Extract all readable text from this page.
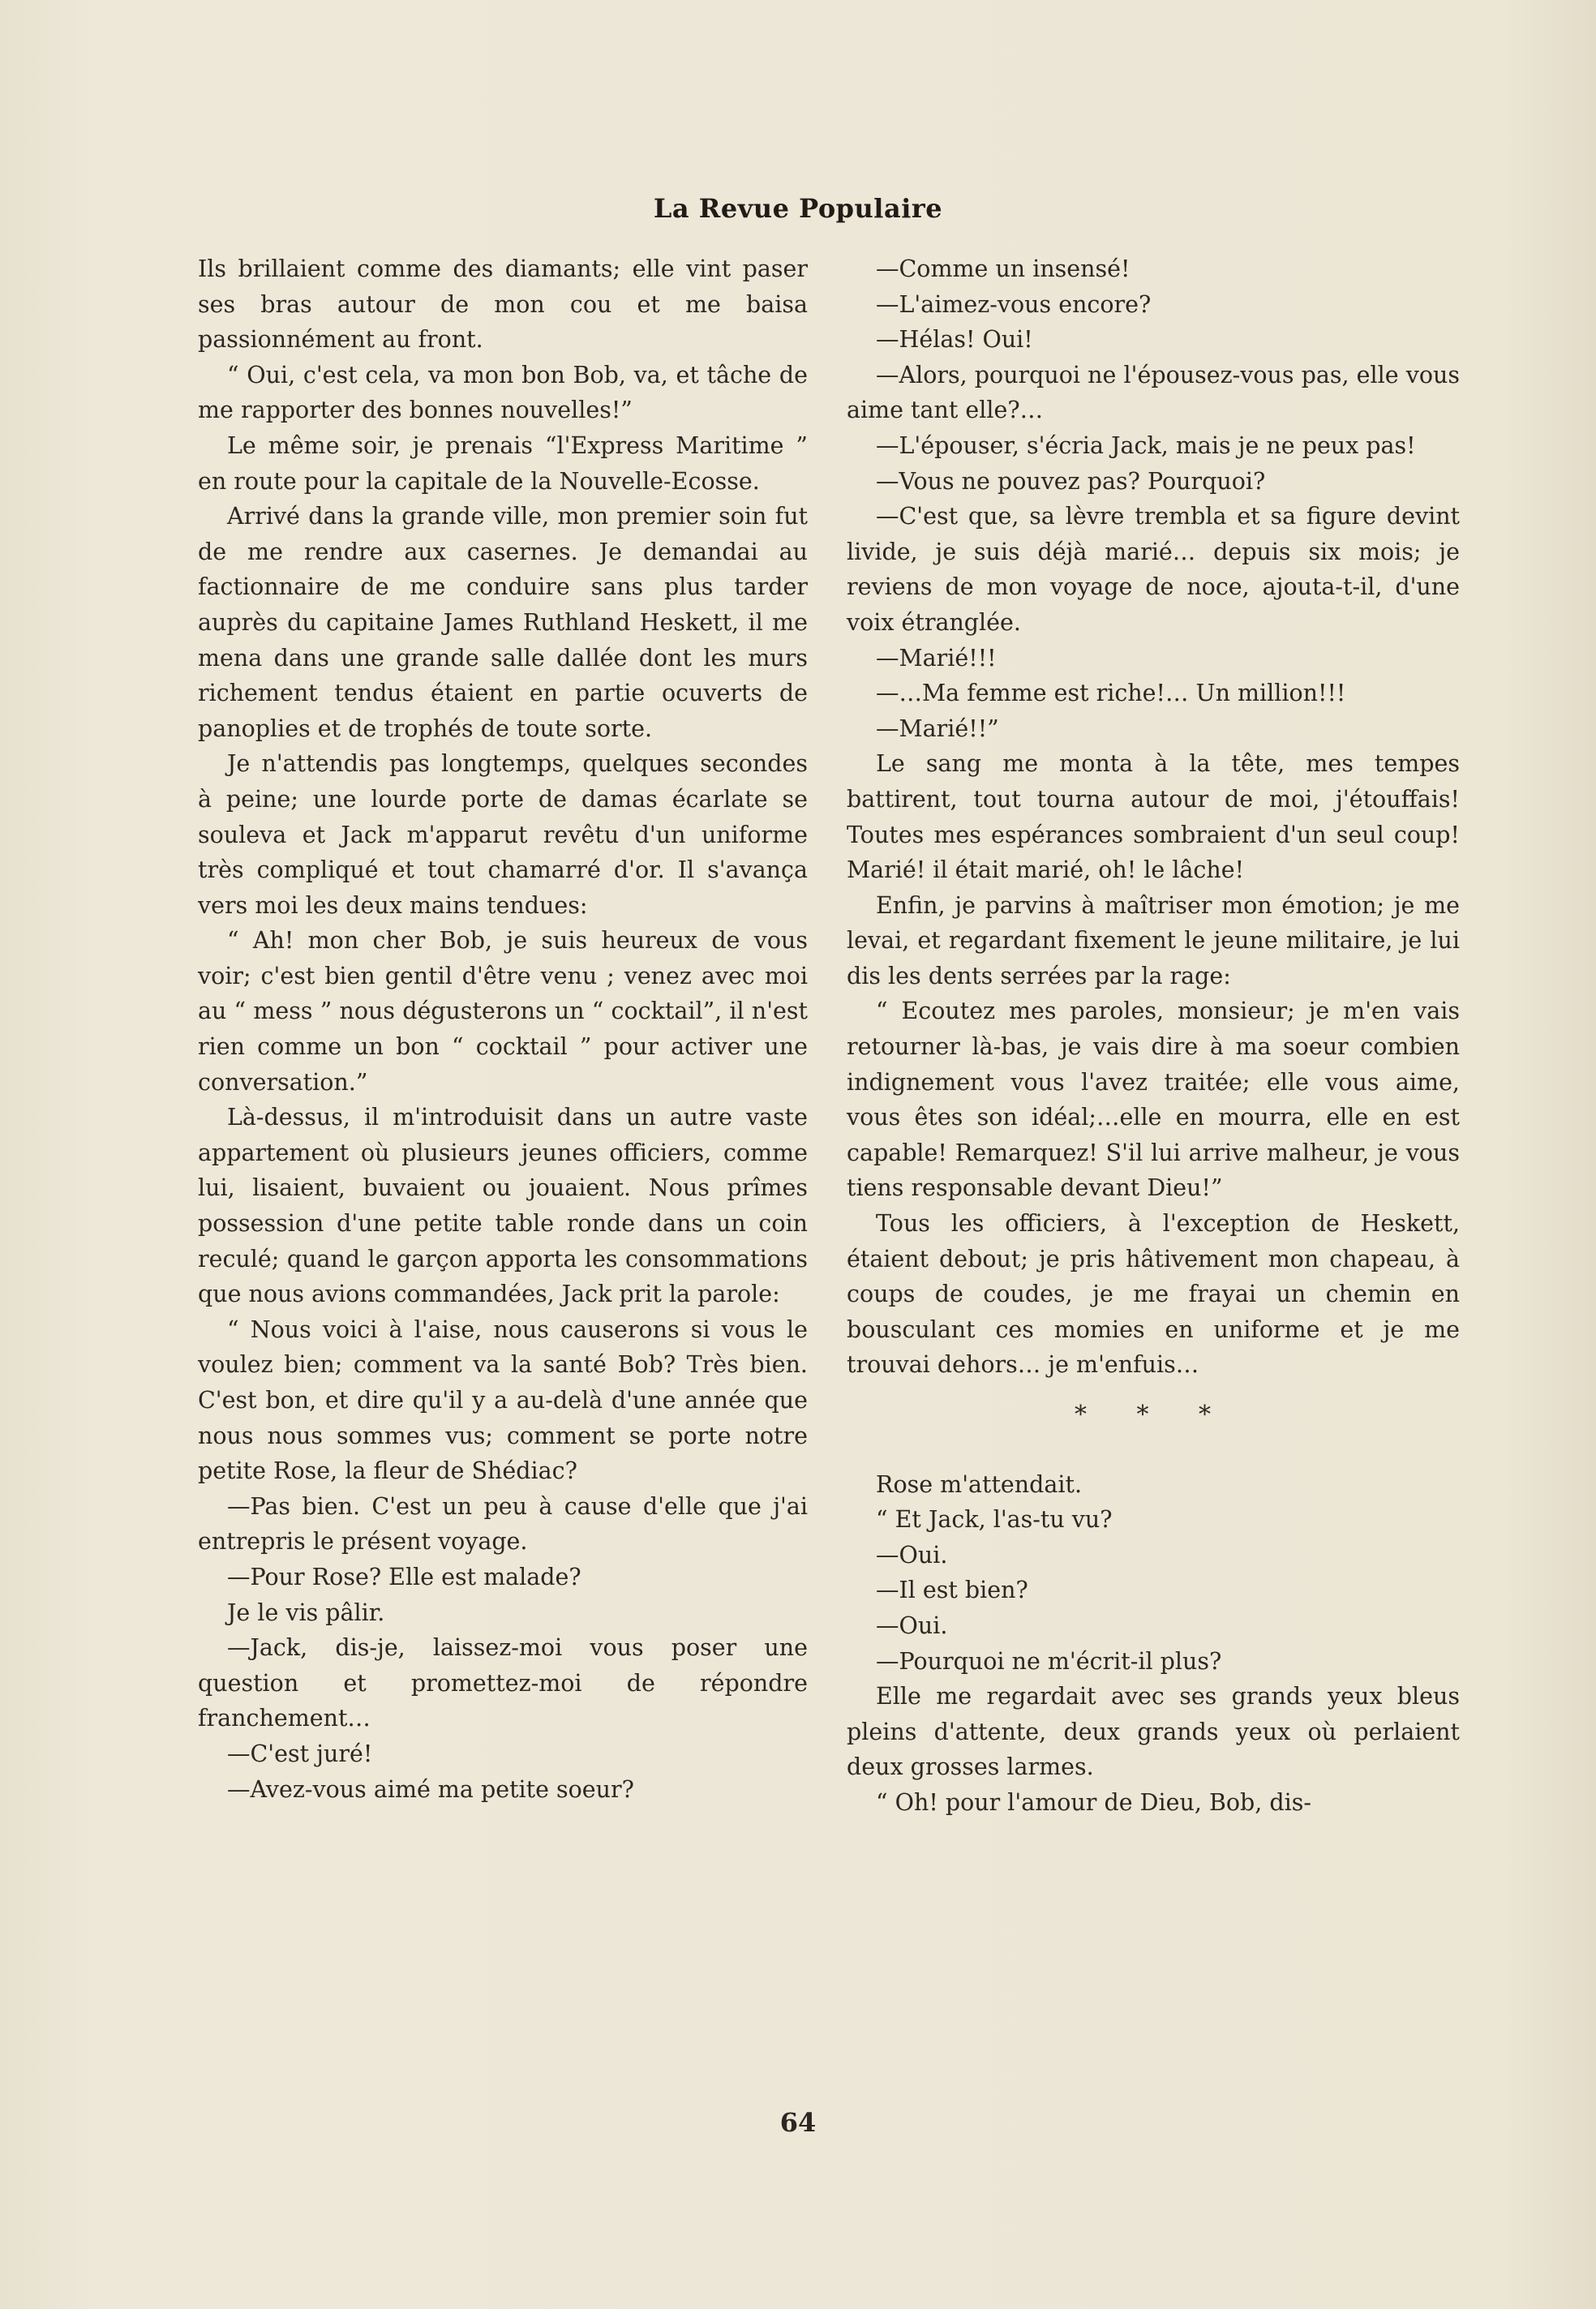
La Revue Populaire

Ils brillaient comme des diamants; elle vint paser ses bras autour de mon cou et me baisa passionnément au front.

“ Oui, c'est cela, va mon bon Bob, va, et tâche de me rapporter des bonnes nouvelles!”

Le même soir, je prenais “l'Express Maritime ” en route pour la capitale de la Nouvelle-Ecosse.

Arrivé dans la grande ville, mon premier soin fut de me rendre aux casernes. Je demandai au factionnaire de me conduire sans plus tarder auprès du capitaine James Ruthland Heskett, il me mena dans une grande salle dallée dont les murs richement tendus étaient en partie ocuverts de panoplies et de trophés de toute sorte.

Je n'attendis pas longtemps, quelques secondes à peine; une lourde porte de damas écarlate se souleva et Jack m'apparut revêtu d'un uniforme très compliqué et tout chamarré d'or. Il s'avança vers moi les deux mains tendues:

“ Ah! mon cher Bob, je suis heureux de vous voir; c'est bien gentil d'être venu ; venez avec moi au “ mess ” nous dégusterons un “ cocktail”, il n'est rien comme un bon “ cocktail ” pour activer une conversation.”

Là-dessus, il m'introduisit dans un autre vaste appartement où plusieurs jeunes officiers, comme lui, lisaient, buvaient ou jouaient. Nous prîmes possession d'une petite table ronde dans un coin reculé; quand le garçon apporta les consommations que nous avions commandées, Jack prit la parole:

“ Nous voici à l'aise, nous causerons si vous le voulez bien; comment va la santé Bob? Très bien. C'est bon, et dire qu'il y a au-delà d'une année que nous nous sommes vus; comment se porte notre petite Rose, la fleur de Shédiac?

—Pas bien. C'est un peu à cause d'elle que j'ai entrepris le présent voyage.

—Pour Rose? Elle est malade?

Je le vis pâlir.

—Jack, dis-je, laissez-moi vous poser une question et promettez-moi de répondre franchement…

—C'est juré!

—Avez-vous aimé ma petite soeur?

—Comme un insensé!

—L'aimez-vous encore?

—Hélas! Oui!

—Alors, pourquoi ne l'épousez-vous pas, elle vous aime tant elle?…

—L'épouser, s'écria Jack, mais je ne peux pas!

—Vous ne pouvez pas? Pourquoi?

—C'est que, sa lèvre trembla et sa figure devint livide, je suis déjà marié… depuis six mois; je reviens de mon voyage de noce, ajouta-t-il, d'une voix étranglée.

—Marié!!!

—…Ma femme est riche!… Un million!!!

—Marié!!”

Le sang me monta à la tête, mes tempes battirent, tout tourna autour de moi, j'étouffais! Toutes mes espérances sombraient d'un seul coup! Marié! il était marié, oh! le lâche!

Enfin, je parvins à maîtriser mon émotion; je me levai, et regardant fixement le jeune militaire, je lui dis les dents serrées par la rage:

“ Ecoutez mes paroles, monsieur; je m'en vais retourner là-bas, je vais dire à ma soeur combien indignement vous l'avez traitée; elle vous aime, vous êtes son idéal;…elle en mourra, elle en est capable! Remarquez! S'il lui arrive malheur, je vous tiens responsable devant Dieu!”

Tous les officiers, à l'exception de Heskett, étaient debout; je pris hâtivement mon chapeau, à coups de coudes, je me frayai un chemin en bousculant ces momies en uniforme et je me trouvai dehors… je m'enfuis…

* * *

Rose m'attendait.

“ Et Jack, l'as-tu vu?

—Oui.

—Il est bien?

—Oui.

—Pourquoi ne m'écrit-il plus?

Elle me regardait avec ses grands yeux bleus pleins d'attente, deux grands yeux où perlaient deux grosses larmes.

“ Oh! pour l'amour de Dieu, Bob, dis-

64
